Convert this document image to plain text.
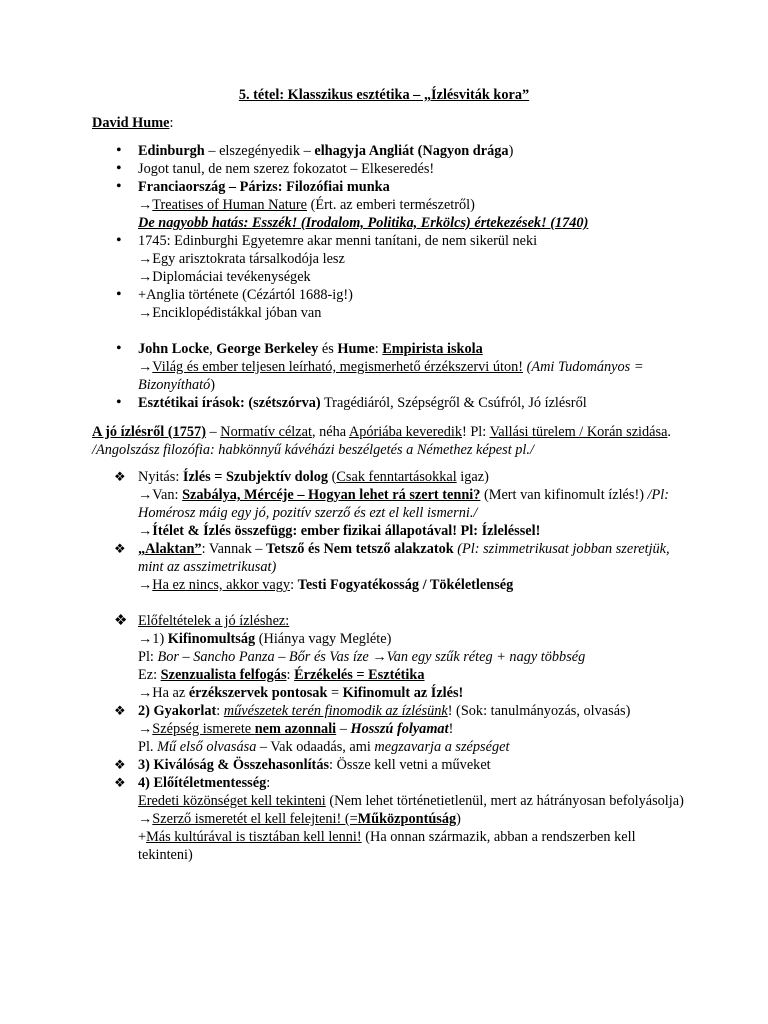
5. tétel: Klasszikus esztétika – „Ízlésviták kora”
David Hume:
• Edinburgh – elszegényedik – elhagyja Angliát (Nagyon drága)
• Jogot tanul, de nem szerez fokozatot – Elkeseredés!
• Franciaország – Párizs: Filozófiai munka
→Treatises of Human Nature (Ért. az emberi természetről)
De nagyobb hatás: Esszék! (Irodalom, Politika, Erkölcs) értekezések! (1740)
• 1745: Edinburghi Egyetemre akar menni tanítani, de nem sikerül neki
→Egy arisztokrata társalkodója lesz
→Diplomáciai tevékenységek
• +Anglia története (Cézártól 1688-ig!)
→Enciklopédistákkal jóban van
• John Locke, George Berkeley és Hume: Empirista iskola
→Világ és ember teljesen leírható, megismerhető érzékszervi úton! (Ami Tudományos = Bizonyítható)
• Esztétikai írások: (szétszórva) Tragédiáról, Szépségről & Csúfról, Jó ízlésről
A jó ízlésről (1757) – Normatív célzat, néha Apóriába keveredik! Pl: Vallási türelem / Korán szidása. /Angolszász filozófia: habkönnyű kávéházi beszélgetés a Némethez képest pl./
❖ Nyitás: Ízlés = Szubjektív dolog (Csak fenntartásokkal igaz)
→Van: Szabálya, Mércéje – Hogyan lehet rá szert tenni? (Mert van kifinomult ízlés!) /Pl: Homérosz máig egy jó, pozitív szerző és ezt el kell ismerni./
→Ítélet & Ízlés összefügg: ember fizikai állapotával! Pl: Ízleléssel!
❖ „Alaktan”: Vannak – Tetsző és Nem tetsző alakzatok (Pl: szimmetrikusat jobban szeretjük, mint az asszimetrikusat)
→Ha ez nincs, akkor vagy: Testi Fogyatékosság / Tökéletlenség
❖ Előfeltételek a jó ízléshez:
→1) Kifinomultság (Hiánya vagy Megléte)
Pl: Bor – Sancho Panza – Bőr és Vas íze →Van egy szűk réteg + nagy többség
Ez: Szenzualista felfogás: Érzékelés = Esztétika
→Ha az érzékszervek pontosak = Kifinomult az Ízlés!
❖ 2) Gyakorlat: művészetek terén finomodik az ízlésünk! (Sok: tanulmányozás, olvasás)
→Szépség ismerete nem azonnali – Hosszú folyamat!
Pl. Mű első olvasása – Vak odaadás, ami megzavarja a szépséget
❖ 3) Kiválóság & Összehasonlítás: Össze kell vetni a műveket
❖ 4) Előítéletmentesség:
Eredeti közönséget kell tekinteni (Nem lehet történetietlenül, mert az hátrányosan befolyásolja)
→Szerző ismeretét el kell felejteni! (=Műközpontúság)
+Más kultúrával is tisztában kell lenni! (Ha onnan származik, abban a rendszerben kell tekinteni)
